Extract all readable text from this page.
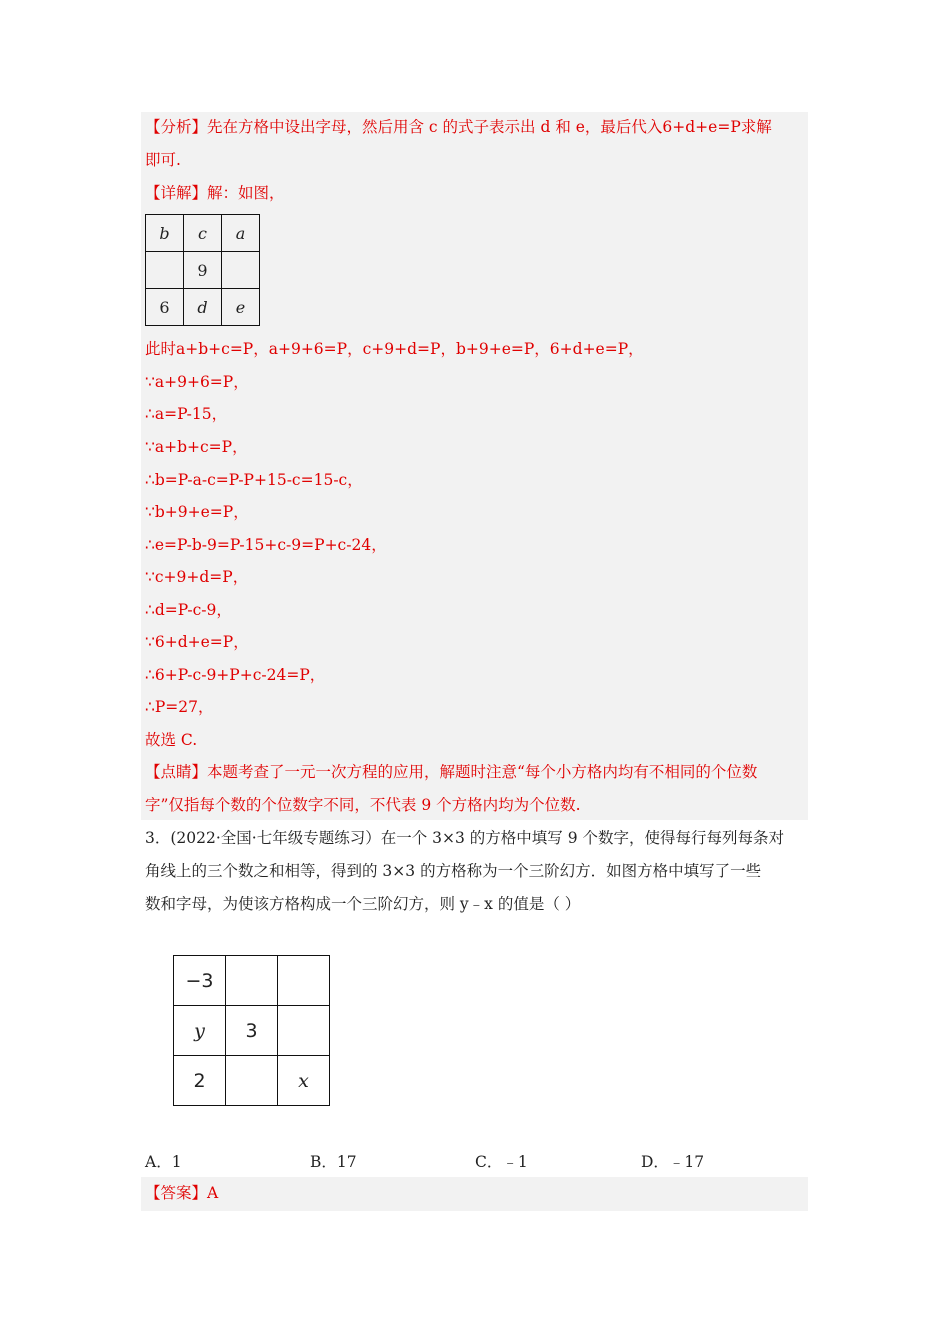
【分析】先在方格中设出字母，然后用含 c 的式子表示出 d 和 e，最后代入6+d+e=P求解
即可.
【详解】解：如图，
b	c	a
	9	
6	d	e
此时a+b+c=P，a+9+6=P，c+9+d=P，b+9+e=P，6+d+e=P，
∵a+9+6=P，
∴a=P-15，
∵a+b+c=P，
∴b=P-a-c=P-P+15-c=15-c，
∵b+9+e=P，
∴e=P-b-9=P-15+c-9=P+c-24，
∵c+9+d=P，
∴d=P-c-9，
∵6+d+e=P，
∴6+P-c-9+P+c-24=P，
∴P=27，
故选 C.
【点睛】本题考查了一元一次方程的应用，解题时注意“每个小方格内均有不相同的个位数
字”仅指每个数的个位数字不同，不代表 9 个方格内均为个位数.
3．(2022·全国·七年级专题练习）在一个 3×3 的方格中填写 9 个数字，使得每行每列每条对
角线上的三个数之和相等，得到的 3×3 的方格称为一个三阶幻方．如图方格中填写了一些
数和字母，为使该方格构成一个三阶幻方，则 y﹣x 的值是（ ）
−3		
y	3	
2		x
A．1	B．17	C．﹣1	D．﹣17
【答案】A
